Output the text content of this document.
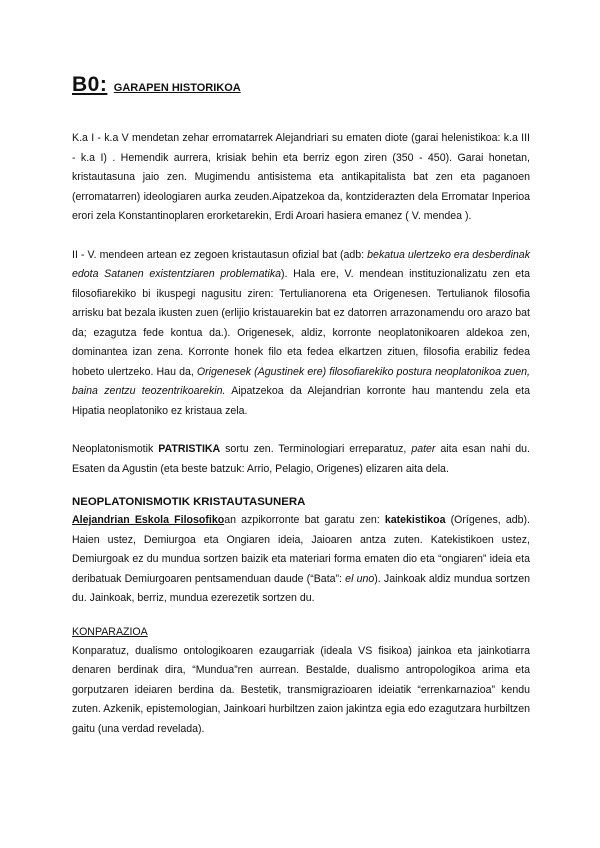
B0: GARAPEN HISTORIKOA

K.a I - k.a V mendetan zehar erromatarrek Alejandriari su ematen diote (garai helenistikoa: k.a III - k.a I) . Hemendik aurrera, krisiak behin eta berriz egon ziren (350 - 450). Garai honetan, kristautasuna jaio zen. Mugimendu antisistema eta antikapitalista bat zen eta paganoen (erromatarren) ideologiaren aurka zeuden.Aipatzekoa da, kontziderazten dela Erromatar Inperioa erori zela Konstantinoplaren erorketarekin, Erdi Aroari hasiera emanez ( V. mendea ).

II - V. mendeen artean ez zegoen kristautasun ofizial bat (adb: bekatua ulertzeko era desberdinak edota Satanen existentziaren problematika). Hala ere, V. mendean instituzionalizatu zen eta filosofiarekiko bi ikuspegi nagusitu ziren: Tertulianorena eta Origenesen. Tertulianok filosofia arrisku bat bezala ikusten zuen (erlijio kristauarekin bat ez datorren arrazonamendu oro arazo bat da; ezagutza fede kontua da.). Origenesek, aldiz, korronte neoplatonikoaren aldekoa zen, dominantea izan zena. Korronte honek filo eta fedea elkartzen zituen, filosofia erabiliz fedea hobeto ulertzeko. Hau da, Origenesek (Agustinek ere) filosofiarekiko postura neoplatonikoa zuen, baina zentzu teozentrikoarekin. Aipatzekoa da Alejandrian korronte hau mantendu zela eta Hipatia neoplatoniko ez kristaua zela.

Neoplatonismotik PATRISTIKA sortu zen. Terminologiari erreparatuz, pater aita esan nahi du. Esaten da Agustin (eta beste batzuk: Arrio, Pelagio, Origenes) elizaren aita dela.

NEOPLATONISMOTIK KRISTAUTASUNERA

Alejandrian Eskola Filosofikoan azpikorronte bat garatu zen: katekistikoa (Orígenes, adb). Haien ustez, Demiurgoa eta Ongiaren ideia, Jaioaren antza zuten. Katekistikoen ustez, Demiurgoak ez du mundua sortzen baizik eta materiari forma ematen dio eta “ongiaren” ideia eta deribatuak Demiurgoaren pentsamenduan daude (“Bata”: el uno). Jainkoak aldiz mundua sortzen du. Jainkoak, berriz, mundua ezerezetik sortzen du.

KONPARAZIOA

Konparatuz, dualismo ontologikoaren ezaugarriak (ideala VS fisikoa) jainkoa eta jainkotiarra denaren berdinak dira, “Mundua”ren aurrean. Bestalde, dualismo antropologikoa arima eta gorputzaren ideiaren berdina da. Bestetik, transmigrazioaren ideiatik “errenkarnazioa” kendu zuten. Azkenik, epistemologian, Jainkoari hurbiltzen zaion jakintza egia edo ezagutzara hurbiltzen gaitu (una verdad revelada).
